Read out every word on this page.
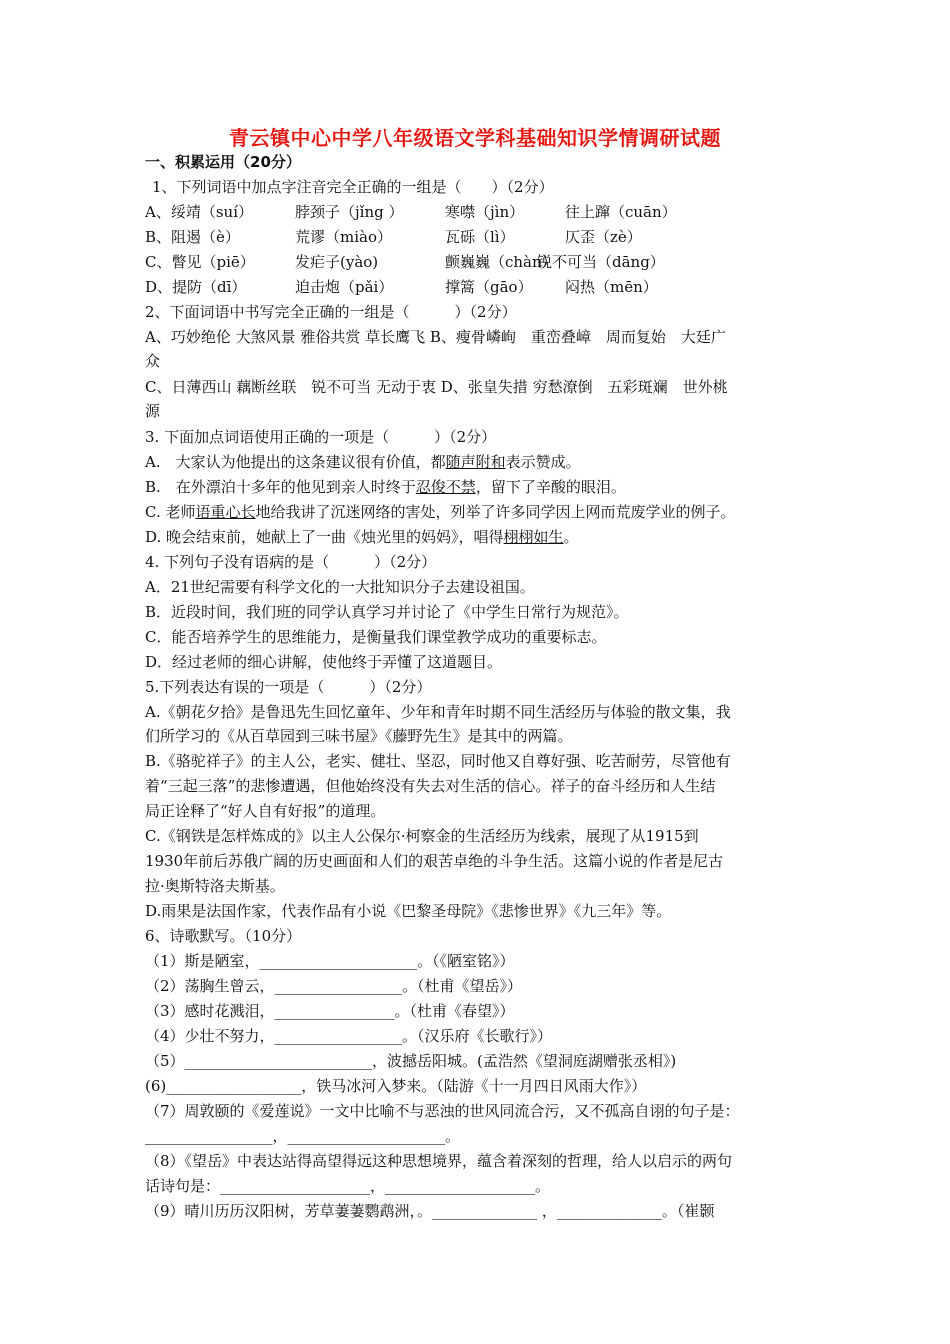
青云镇中心中学八年级语文学科基础知识学情调研试题
一、积累运用（20分）
1、下列词语中加点字注音完全正确的一组是（　　）（2分）
A、绥靖（suí）	脖颈子（jǐng ）	寒噤（jìn）	往上蹿（cuān）
B、阻遏（è）	荒谬（miào）	瓦砾（lì）	仄歪（zè）
C、瞥见（piē）	发疟子(yào)	颤巍巍（chàn）锐不可当（dāng）
D、提防（dī）	迫击炮（pǎi）	撑篙（gāo） 闷热（mēn）
2、下面词语中书写完全正确的一组是（　　　）（2分）
A、巧妙绝伦 大煞风景 雅俗共赏 草长鹰飞 B、瘦骨嶙峋　重峦叠嶂　周而复始　大廷广
众
C、日薄西山 藕断丝联　锐不可当 无动于衷 D、张皇失措 穷愁潦倒　五彩斑斓　世外桃
源
3. 下面加点词语使用正确的一项是（　　　）（2分）
A.　大家认为他提出的这条建议很有价值，都随声附和表示赞成。
B.　在外漂泊十多年的他见到亲人时终于忍俊不禁，留下了辛酸的眼泪。
C. 老师语重心长地给我讲了沉迷网络的害处，列举了许多同学因上网而荒废学业的例子。
D. 晚会结束前，她献上了一曲《烛光里的妈妈》，唱得栩栩如生。
4. 下列句子没有语病的是（　　　）（2分）
A．21世纪需要有科学文化的一大批知识分子去建设祖国。
B．近段时间，我们班的同学认真学习并讨论了《中学生日常行为规范》。
C．能否培养学生的思维能力，是衡量我们课堂教学成功的重要标志。
D．经过老师的细心讲解，使他终于弄懂了这道题目。
5.下列表达有误的一项是（　　　）（2分）
A.《朝花夕拾》是鲁迅先生回忆童年、少年和青年时期不同生活经历与体验的散文集，我
们所学习的《从百草园到三味书屋》《藤野先生》是其中的两篇。
B.《骆驼祥子》的主人公，老实、健壮、坚忍，同时他又自尊好强、吃苦耐劳，尽管他有
着“三起三落”的悲惨遭遇，但他始终没有失去对生活的信心。祥子的奋斗经历和人生结
局正诠释了“好人自有好报”的道理。
C.《钢铁是怎样炼成的》以主人公保尔·柯察金的生活经历为线索，展现了从1915到
1930年前后苏俄广阔的历史画面和人们的艰苦卓绝的斗争生活。这篇小说的作者是尼古
拉·奥斯特洛夫斯基。
D.雨果是法国作家，代表作品有小说《巴黎圣母院》《悲惨世界》《九三年》等。
6、诗歌默写。（10分）
（1）斯是陋室，_____________________。（《陋室铭》）
（2）荡胸生曾云，_________________。（杜甫《望岳》）
（3）感时花溅泪，________________。（杜甫《春望》）
（4）少壮不努力，_________________。（汉乐府《长歌行》）
（5）_________________________，波撼岳阳城。(孟浩然《望洞庭湖赠张丞相》)
(6)__________________，铁马冰河入梦来。（陆游《十一月四日风雨大作》）
（7）周敦颐的《爱莲说》一文中比喻不与恶浊的世风同流合污，又不孤高自诩的句子是：
_________________，_____________________。
（8）《望岳》中表达站得高望得远这种思想境界，蕴含着深刻的哲理，给人以启示的两句
话诗句是：____________________，____________________。
（9）晴川历历汉阳树，芳草萋萋鹦鹉洲，。______________ ，______________。（崔颢
